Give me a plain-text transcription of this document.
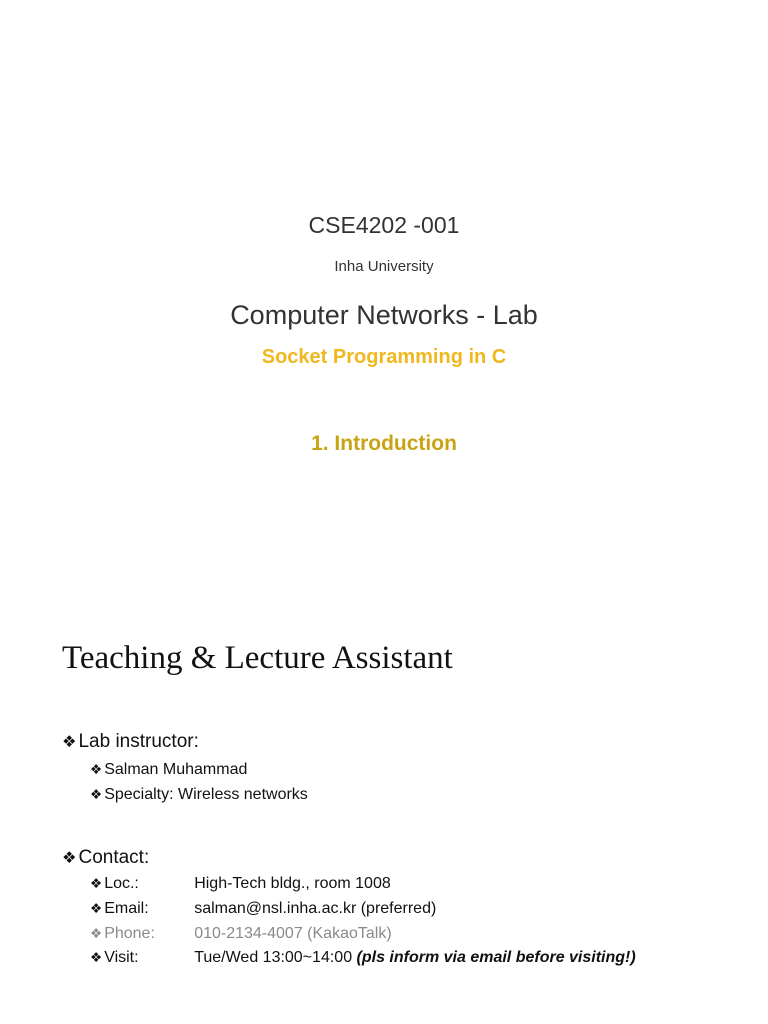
CSE4202 -001
Inha University
Computer Networks - Lab
Socket Programming in C
1. Introduction
Teaching & Lecture Assistant
❖ Lab instructor:
❖ Salman Muhammad
❖ Specialty: Wireless networks
❖ Contact:
❖ Loc.:	High-Tech bldg., room 1008
❖ Email:	salman@nsl.inha.ac.kr (preferred)
❖ Phone: 010-2134-4007 (KakaoTalk)
❖ Visit:	Tue/Wed 13:00~14:00 (pls inform via email before visiting!)
